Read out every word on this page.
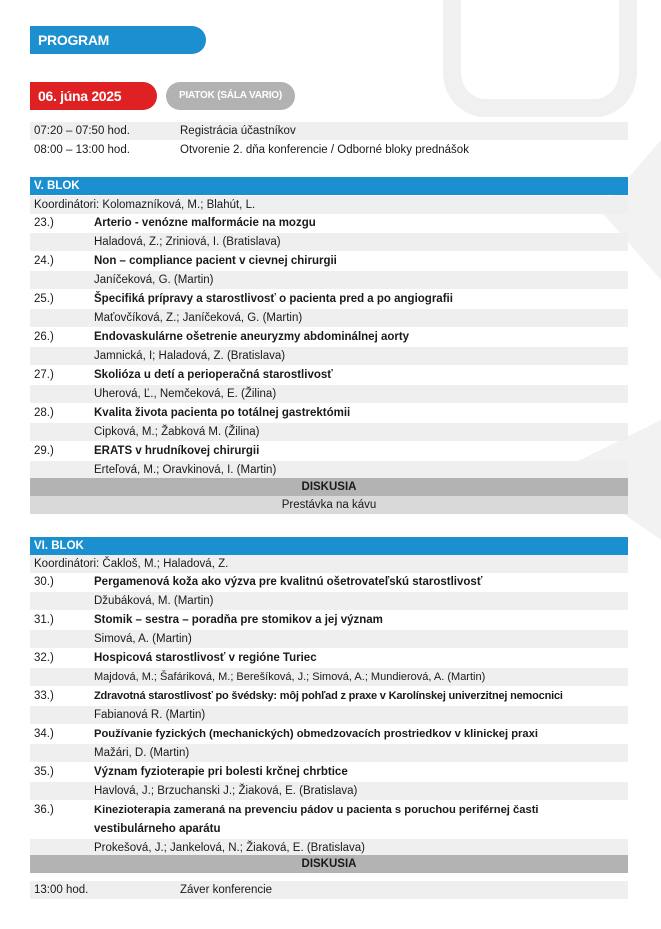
PROGRAM KONFERENCIE
06. júna 2025	PIATOK (SÁLA VARIO)
07:20 – 07:50 hod.	Registrácia účastníkov
08:00 – 13:00 hod.	Otvorenie 2. dňa konferencie / Odborné bloky prednášok
V. BLOK
Koordinátori: Kolomazníková, M.; Blahút, L.
23.)	Arterio - venózne malformácie na mozgu
Haladová, Z.; Zriniová, I. (Bratislava)
24.)	Non – compliance pacient v cievnej chirurgii
Janíčeková, G. (Martin)
25.)	Špecifiká prípravy a starostlivosť o pacienta pred a po angiografii
Maťovčíková, Z.; Janíčeková, G. (Martin)
26.)	Endovaskulárne ošetrenie aneuryzmy abdominálnej aorty
Jamnická, I; Haladová, Z. (Bratislava)
27.)	Skolióza u detí a perioperačná starostlivosť
Uherová, Ľ., Nemčeková, E. (Žilina)
28.)	Kvalita života pacienta po totálnej gastrektómii
Cipková, M.; Žabková M. (Žilina)
29.)	ERATS v hrudníkovej chirurgii
Erteľová, M.; Oravkinová, I. (Martin)
DISKUSIA
Prestávka na kávu
VI. BLOK
Koordinátori: Čakloš, M.; Haladová, Z.
30.)	Pergamenová koža ako výzva pre kvalitnú ošetrovateľskú starostlivosť
Džubáková, M. (Martin)
31.)	Stomik – sestra – poradňa pre stomikov a jej význam
Simová, A. (Martin)
32.)	Hospicová starostlivosť v regióne Turiec
Majdová, M.; Šafáriková, M.; Berešíková, J.; Simová, A.; Mundierová, A. (Martin)
33.)	Zdravotná starostlivosť po švédsky: môj pohľad z praxe v Karolínskej univerzitnej nemocnici
Fabianová R. (Martin)
34.)	Používanie fyzických (mechanických) obmedzovacích prostriedkov v klinickej praxi
Mažári, D. (Martin)
35.)	Význam fyzioterapie pri bolesti krčnej chrbtice
Havlová, J.; Brzuchanski J.; Žiaková, E. (Bratislava)
36.)	Kinezioterapia zameraná na prevenciu pádov u pacienta s poruchou periférnej časti
vestibulárneho aparátu
Prokešová, J.; Jankelová, N.; Žiaková, E. (Bratislava)
DISKUSIA
13:00 hod.	Záver konferencie
